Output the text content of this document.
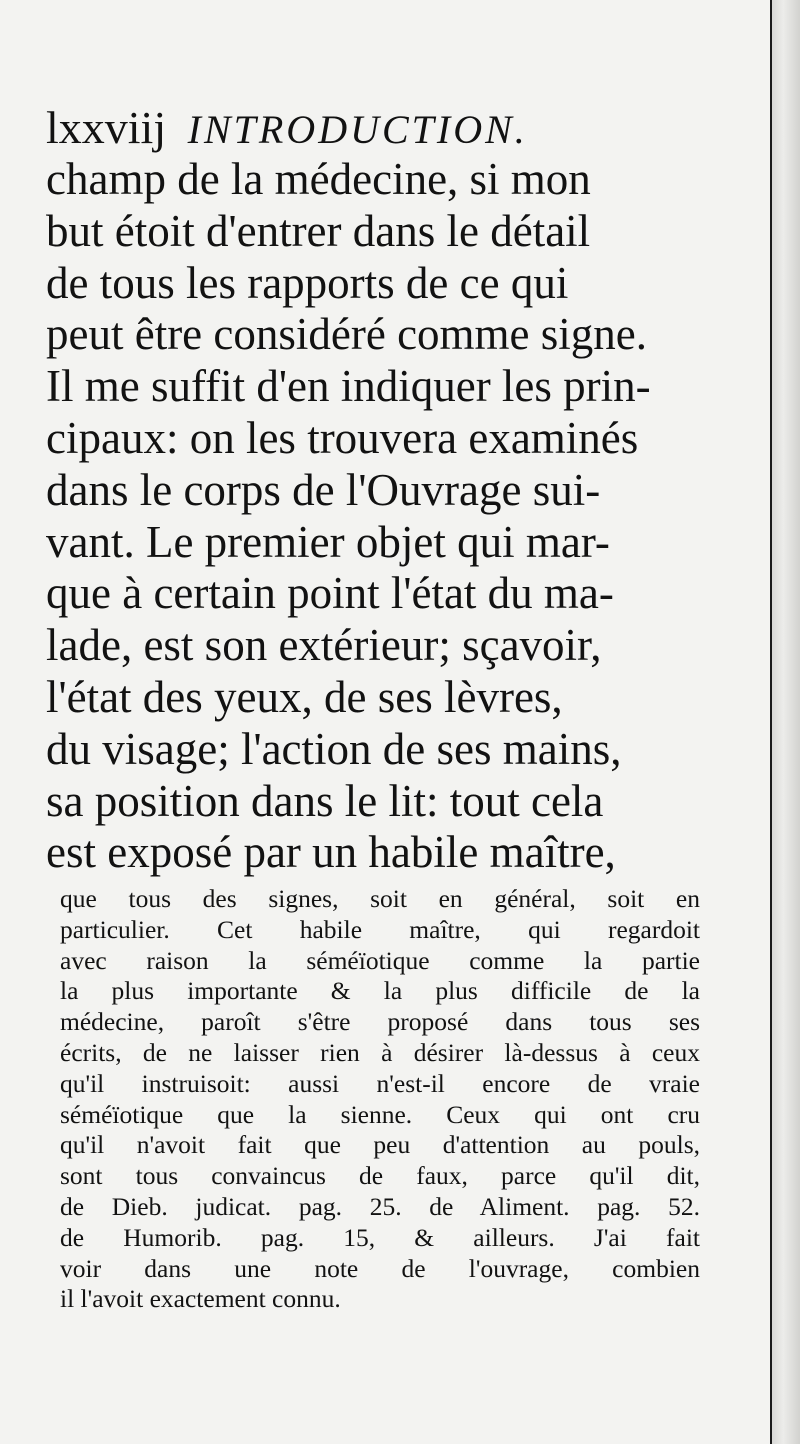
lxxviij INTRODUCTION.
champ de la médecine, si mon
but étoit d'entrer dans le détail
de tous les rapports de ce qui
peut être considéré comme signe.
Il me suffit d'en indiquer les prin-
cipaux: on les trouvera examinés
dans le corps de l'Ouvrage sui-
vant. Le premier objet qui mar-
que à certain point l'état du ma-
lade, est son extérieur; sçavoir,
l'état des yeux, de ses lèvres,
du visage; l'action de ses mains,
sa position dans le lit: tout cela
est exposé par un habile maître,
que tous des signes, soit en général, soit en
particulier. Cet habile maître, qui regardoit
avec raison la séméïotique comme la partie
la plus importante & la plus difficile de la
médecine, paroît s'être proposé dans tous ses
écrits, de ne laisser rien à désirer là-dessus à ceux
qu'il instruisoit: aussi n'est-il encore de vraie
séméïotique que la sienne. Ceux qui ont cru
qu'il n'avoit fait que peu d'attention au pouls,
sont tous convaincus de faux, parce qu'il dit,
de Dieb. judicat. pag. 25. de Aliment. pag. 52.
de Humorib. pag. 15, & ailleurs. J'ai fait
voir dans une note de l'ouvrage, combien
il l'avoit exactement connu.
